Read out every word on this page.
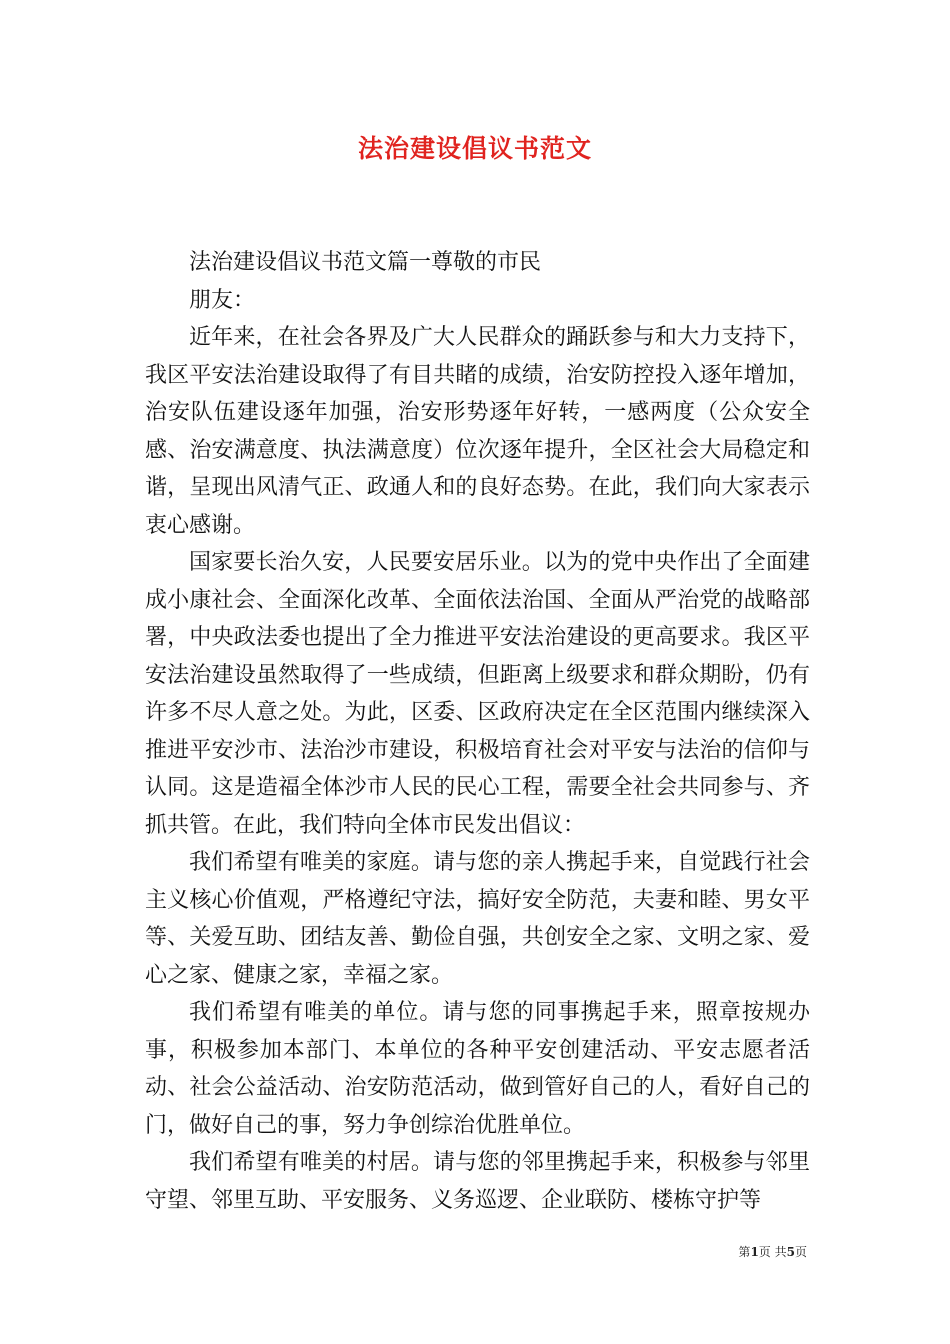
法治建设倡议书范文

法治建设倡议书范文篇一尊敬的市民

朋友：

近年来，在社会各界及广大人民群众的踊跃参与和大力支持下，我区平安法治建设取得了有目共睹的成绩，治安防控投入逐年增加，治安队伍建设逐年加强，治安形势逐年好转，一感两度（公众安全感、治安满意度、执法满意度）位次逐年提升，全区社会大局稳定和谐，呈现出风清气正、政通人和的良好态势。在此，我们向大家表示衷心感谢。

国家要长治久安，人民要安居乐业。以为的党中央作出了全面建成小康社会、全面深化改革、全面依法治国、全面从严治党的战略部署，中央政法委也提出了全力推进平安法治建设的更高要求。我区平安法治建设虽然取得了一些成绩，但距离上级要求和群众期盼，仍有许多不尽人意之处。为此，区委、区政府决定在全区范围内继续深入推进平安沙市、法治沙市建设，积极培育社会对平安与法治的信仰与认同。这是造福全体沙市人民的民心工程，需要全社会共同参与、齐抓共管。在此，我们特向全体市民发出倡议：

我们希望有唯美的家庭。请与您的亲人携起手来，自觉践行社会主义核心价值观，严格遵纪守法，搞好安全防范，夫妻和睦、男女平等、关爱互助、团结友善、勤俭自强，共创安全之家、文明之家、爱心之家、健康之家，幸福之家。

我们希望有唯美的单位。请与您的同事携起手来，照章按规办事，积极参加本部门、本单位的各种平安创建活动、平安志愿者活动、社会公益活动、治安防范活动，做到管好自己的人，看好自己的门，做好自己的事，努力争创综治优胜单位。

我们希望有唯美的村居。请与您的邻里携起手来，积极参与邻里守望、邻里互助、平安服务、义务巡逻、企业联防、楼栋守护等

第1页 共5页
